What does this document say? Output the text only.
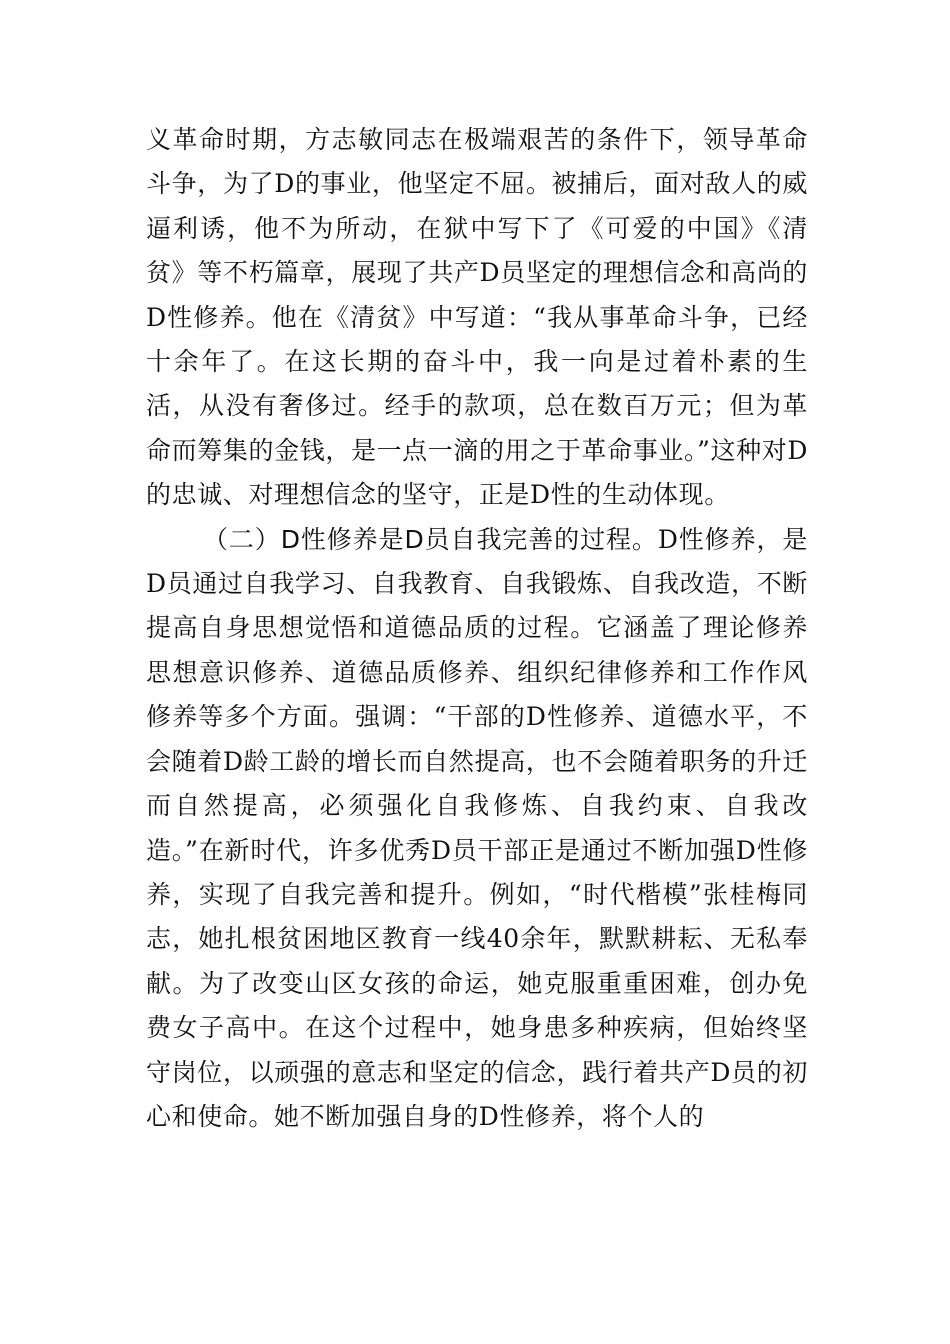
义革命时期，方志敏同志在极端艰苦的条件下，领导革命斗争，为了D的事业，他坚定不屈。被捕后，面对敌人的威逼利诱，他不为所动，在狱中写下了《可爱的中国》《清贫》等不朽篇章，展现了共产D员坚定的理想信念和高尚的D性修养。他在《清贫》中写道：“我从事革命斗争，已经十余年了。在这长期的奋斗中，我一向是过着朴素的生活，从没有奢侈过。经手的款项，总在数百万元；但为革命而筹集的金钱，是一点一滴的用之于革命事业。”这种对D的忠诚、对理想信念的坚守，正是D性的生动体现。

（二）D性修养是D员自我完善的过程。D性修养，是D员通过自我学习、自我教育、自我锻炼、自我改造，不断提高自身思想觉悟和道德品质的过程。它涵盖了理论修养思想意识修养、道德品质修养、组织纪律修养和工作作风修养等多个方面。强调：“干部的D性修养、道德水平，不会随着D龄工龄的增长而自然提高，也不会随着职务的升迁而自然提高，必须强化自我修炼、自我约束、自我改造。”在新时代，许多优秀D员干部正是通过不断加强D性修养，实现了自我完善和提升。例如，“时代楷模”张桂梅同志，她扎根贫困地区教育一线40余年，默默耕耘、无私奉献。为了改变山区女孩的命运，她克服重重困难，创办免费女子高中。在这个过程中，她身患多种疾病，但始终坚守岗位，以顽强的意志和坚定的信念，践行着共产D员的初心和使命。她不断加强自身的D性修养，将个人的
